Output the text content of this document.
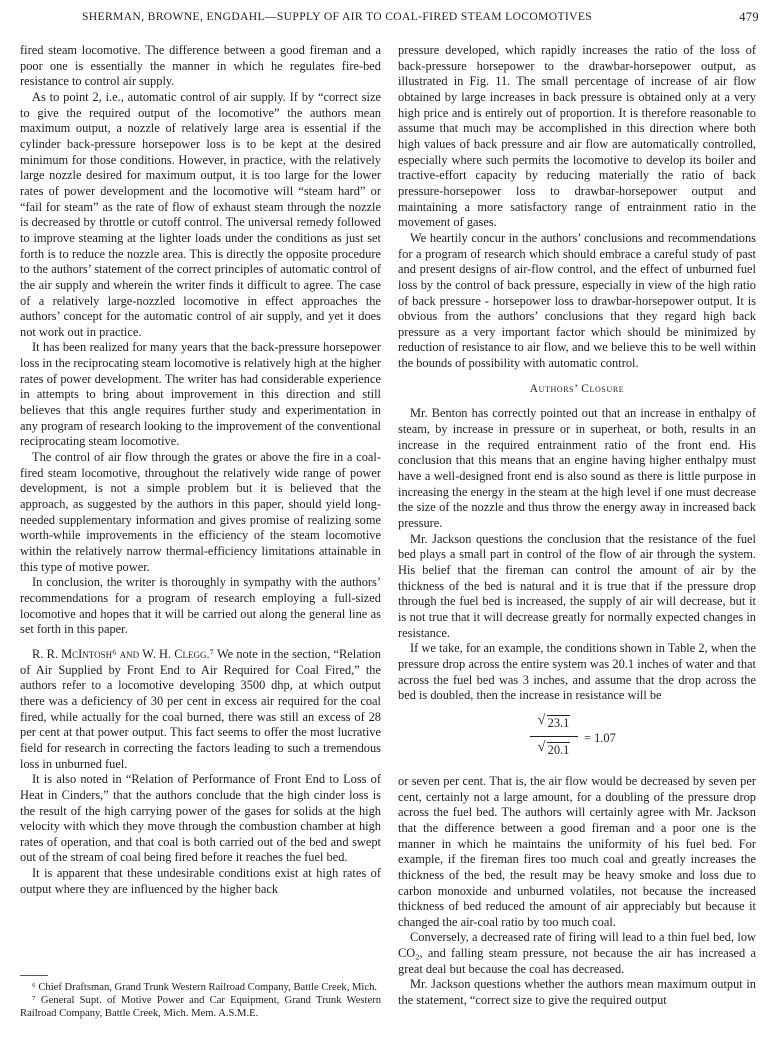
SHERMAN, BROWNE, ENGDAHL—SUPPLY OF AIR TO COAL-FIRED STEAM LOCOMOTIVES	479

fired steam locomotive. The difference between a good fireman and a poor one is essentially the manner in which he regulates fire-bed resistance to control air supply.

As to point 2, i.e., automatic control of air supply. If by “correct size to give the required output of the locomotive” the authors mean maximum output, a nozzle of relatively large area is essential if the cylinder back-pressure horsepower loss is to be kept at the desired minimum for those conditions. However, in practice, with the relatively large nozzle desired for maximum output, it is too large for the lower rates of power development and the locomotive will “steam hard” or “fail for steam” as the rate of flow of exhaust steam through the nozzle is decreased by throttle or cutoff control. The universal remedy followed to improve steaming at the lighter loads under the conditions as just set forth is to reduce the nozzle area. This is directly the opposite procedure to the authors’ statement of the correct principles of automatic control of the air supply and wherein the writer finds it difficult to agree. The case of a relatively large-nozzled locomotive in effect approaches the authors’ concept for the automatic control of air supply, and yet it does not work out in practice.

It has been realized for many years that the back-pressure horsepower loss in the reciprocating steam locomotive is relatively high at the higher rates of power development. The writer has had considerable experience in attempts to bring about improvement in this direction and still believes that this angle requires further study and experimentation in any program of research looking to the improvement of the conventional reciprocating steam locomotive.

The control of air flow through the grates or above the fire in a coal-fired steam locomotive, throughout the relatively wide range of power development, is not a simple problem but it is believed that the approach, as suggested by the authors in this paper, should yield long-needed supplementary information and gives promise of realizing some worth-while improvements in the efficiency of the steam locomotive within the relatively narrow thermal-efficiency limitations attainable in this type of motive power.

In conclusion, the writer is thoroughly in sympathy with the authors’ recommendations for a program of research employing a full-sized locomotive and hopes that it will be carried out along the general line as set forth in this paper.

R. R. McIntosh⁶ and W. H. Clegg.⁷ We note in the section, “Relation of Air Supplied by Front End to Air Required for Coal Fired,” the authors refer to a locomotive developing 3500 dhp, at which output there was a deficiency of 30 per cent in excess air required for the coal fired, while actually for the coal burned, there was still an excess of 28 per cent at that power output. This fact seems to offer the most lucrative field for research in correcting the factors leading to such a tremendous loss in unburned fuel.

It is also noted in “Relation of Performance of Front End to Loss of Heat in Cinders,” that the authors conclude that the high cinder loss is the result of the high carrying power of the gases for solids at the high velocity with which they move through the combustion chamber at high rates of operation, and that coal is both carried out of the bed and swept out of the stream of coal being fired before it reaches the fuel bed.

It is apparent that these undesirable conditions exist at high rates of output where they are influenced by the higher back

⁶ Chief Draftsman, Grand Trunk Western Railroad Company, Battle Creek, Mich.

⁷ General Supt. of Motive Power and Car Equipment, Grand Trunk Western Railroad Company, Battle Creek, Mich. Mem. A.S.M.E.

pressure developed, which rapidly increases the ratio of the loss of back-pressure horsepower to the drawbar-horsepower output, as illustrated in Fig. 11. The small percentage of increase of air flow obtained by large increases in back pressure is obtained only at a very high price and is entirely out of proportion. It is therefore reasonable to assume that much may be accomplished in this direction where both high values of back pressure and air flow are automatically controlled, especially where such permits the locomotive to develop its boiler and tractive-effort capacity by reducing materially the ratio of back pressure-horsepower loss to drawbar-horsepower output and maintaining a more satisfactory range of entrainment ratio in the movement of gases.

We heartily concur in the authors’ conclusions and recommendations for a program of research which should embrace a careful study of past and present designs of air-flow control, and the effect of unburned fuel loss by the control of back pressure, especially in view of the high ratio of back pressure - horsepower loss to drawbar-horsepower output. It is obvious from the authors’ conclusions that they regard high back pressure as a very important factor which should be minimized by reduction of resistance to air flow, and we believe this to be well within the bounds of possibility with automatic control.

Authors’ Closure

Mr. Benton has correctly pointed out that an increase in enthalpy of steam, by increase in pressure or in superheat, or both, results in an increase in the required entrainment ratio of the front end. His conclusion that this means that an engine having higher enthalpy must have a well-designed front end is also sound as there is little purpose in increasing the energy in the steam at the high level if one must decrease the size of the nozzle and thus throw the energy away in increased back pressure.

Mr. Jackson questions the conclusion that the resistance of the fuel bed plays a small part in control of the flow of air through the system. His belief that the fireman can control the amount of air by the thickness of the bed is natural and it is true that if the pressure drop through the fuel bed is increased, the supply of air will decrease, but it is not true that it will decrease greatly for normally expected changes in resistance.

If we take, for an example, the conditions shown in Table 2, when the pressure drop across the entire system was 20.1 inches of water and that across the fuel bed was 3 inches, and assume that the drop across the bed is doubled, then the increase in resistance will be

√ 23.1
√ 20.1
= 1.07

or seven per cent. That is, the air flow would be decreased by seven per cent, certainly not a large amount, for a doubling of the pressure drop across the fuel bed. The authors will certainly agree with Mr. Jackson that the difference between a good fireman and a poor one is the manner in which he maintains the uniformity of his fuel bed. For example, if the fireman fires too much coal and greatly increases the thickness of the bed, the result may be heavy smoke and loss due to carbon monoxide and unburned volatiles, not because the increased thickness of bed reduced the amount of air appreciably but because it changed the air-coal ratio by too much coal.

Conversely, a decreased rate of firing will lead to a thin fuel bed, low CO₂, and falling steam pressure, not because the air has increased a great deal but because the coal has decreased.

Mr. Jackson questions whether the authors mean maximum output in the statement, “correct size to give the required output
